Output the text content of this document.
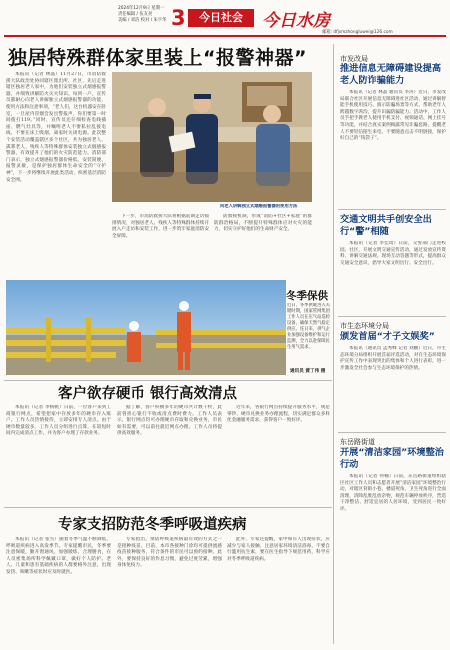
2024年12月9日 星期一
责任编辑 / 伍友亮
美编 / 邓洁 校对 / 朱宇华 3	今日社会	今日水房
邮箱: dfjsmzhongluwei@126.com
独居特殊群体家里装上“报警神器”
本报讯（记者 林晶）11月27日，市消防救援大队政治处协同辖区派出所、社区，先后走进辖区独居老人家中，为他们安装独立式烟感报警器，并细致讲解防火灭火知识。每到一户，宣传员都耐心向老人讲解独立式烟感报警器的功能、使用方法和注意事项，“老人们，这台机器安在卧室，一旦屋内冒烟会发出警报声，你们要第一时间拨打119。”同时，宣传员还仔细检查电线插座、燃气灶具等，并嘱咐老人不要私拉乱接电线、不要在床上吸烟、离家时关闭电源。此次整个安装活动覆盖辖区多个社区，共为独居老人、孤寡老人、残疾人等特殊群体安装独立式烟感报警器，有效提升了他们的火灾防范能力。消防部门表示，独立式烟感报警器价格低、安装简便、报警灵敏，是保护独居群体生命安全的“守护神”，下一步将继续开展此类活动，织密基层消防安全网。
向老人讲解独立式烟感报警器的使用方法
下一步，市消防救援大队将根据前期走访摸排情况，对独居老人、残疾人等特殊群体持续开展入户走访和安装工作，进一步筑牢家庭消防安全屏障。
防救援机制，形成“消防+社区+家庭”的群防群治格局，不断提升特殊群体应对火灾的能力，切实守护好他们的生命财产安全。
冬季保供
近日，冬季供暖进入关键时期，国家管网集团工作人员在压气站巡检设备，确保天然气稳定供应。连日来，供气企业加强设备维护和运行监测，全力以赴保障民生用气需求。
通讯员 黄丁伟 摄
客户欲存硬币 银行高效清点
本报讯（记者 李杨帆）日前，一位客户来到工商银行网点，希望把家中存放多年的硬币存入账户。工作人员热情接待，立即安排专人清点。由于硬币数量较多，工作人员分组进行点算，在较短时间内完成清点工作，并为客户办理了存款业务。
据了解，客户积攒多年的硬币共计数千枚，此前曾担心银行不收或清点费时费力。工作人员表示，银行网点均可办理硬币存取和兑换业务，市民如有需要，可以前往就近网点办理，工作人员将提供高效服务。
近年来，各银行网点持续提升服务水平，规范零钞、硬币兑换业务办理流程，切实满足群众多样化金融服务需求，获得客户一致好评。
专家支招防范冬季呼吸道疾病
本报讯（记者 张雪）随着冬季气温不断降低，呼吸道疾病进入高发季节。专家提醒市民，冬季要注意保暖，勤开窗通风，加强锻炼，合理膳食，在人员密集场所科学佩戴口罩，做好个人防护。老人、儿童和患有基础疾病的人群要格外注意，出现发热、咳嗽等症状时应及时就医。
专家指出，预防呼吸道疾病最有效的方式之一是接种疫苗。目前，本市各接种门诊均可提供流感疫苗接种服务，符合条件的市民可以预约接种。此外，要保持良好的作息习惯，避免过度劳累，增强身体免疫力。
此外，专家还提醒，家中如有人出现症状，应减少与家人接触，注意居家环境清洁消毒，不要自行滥用抗生素，要在医生指导下规范用药，科学应对冬季呼吸道疾病。
市发改局
推进信息无障碍建设提高老人防诈骗能力
本报讯（记者 林晶 通讯员 李涛）近日，市发改局联合社区开展信息无障碍进社区活动，通过讲解智能手机使用技巧、演示防骗场景等方式，帮助老年人跨越数字鸿沟，提升识骗防骗能力。活动中，工作人员手把手教老人使用手机支付、视频通话、网上挂号等功能，并结合真实案例揭露常见诈骗套路，提醒老人不要轻信陌生来电，不要随意点击不明链接，保护好自己的“钱袋子”。
交通文明共手创安全出行“警”相随
本报讯（记者 李佳琦）日前，交警部门走进校园、社区，开展文明交通宣传活动，通过发放宣传资料、讲解交通法规、现场互动答题等形式，提高群众交通安全意识，倡导大家文明出行、安全出行。
市生态环境分局
颁发首届“才子文娱奖”
本报讯（通讯员 孟秀峰 记者 刘鹏）近日，市生态环境分局组织开展首届评选活动，对在生态环境保护宣传工作中表现突出的集体和个人进行表彰，进一步激发全社会参与生态环境保护的热情。
东岳路街道
开展“清洁家园”环境整治行动
本报讯（记者 何楠）日前，东岳路街道组织辖区社区工作人员和志愿者开展“清洁家园”环境整治行动，对辖区背街小巷、楼道死角、卫生死角进行全面清理，清除乱堆乱放杂物，规范车辆停放秩序，营造干净整洁、舒适宜居的人居环境，受到居民一致好评。
